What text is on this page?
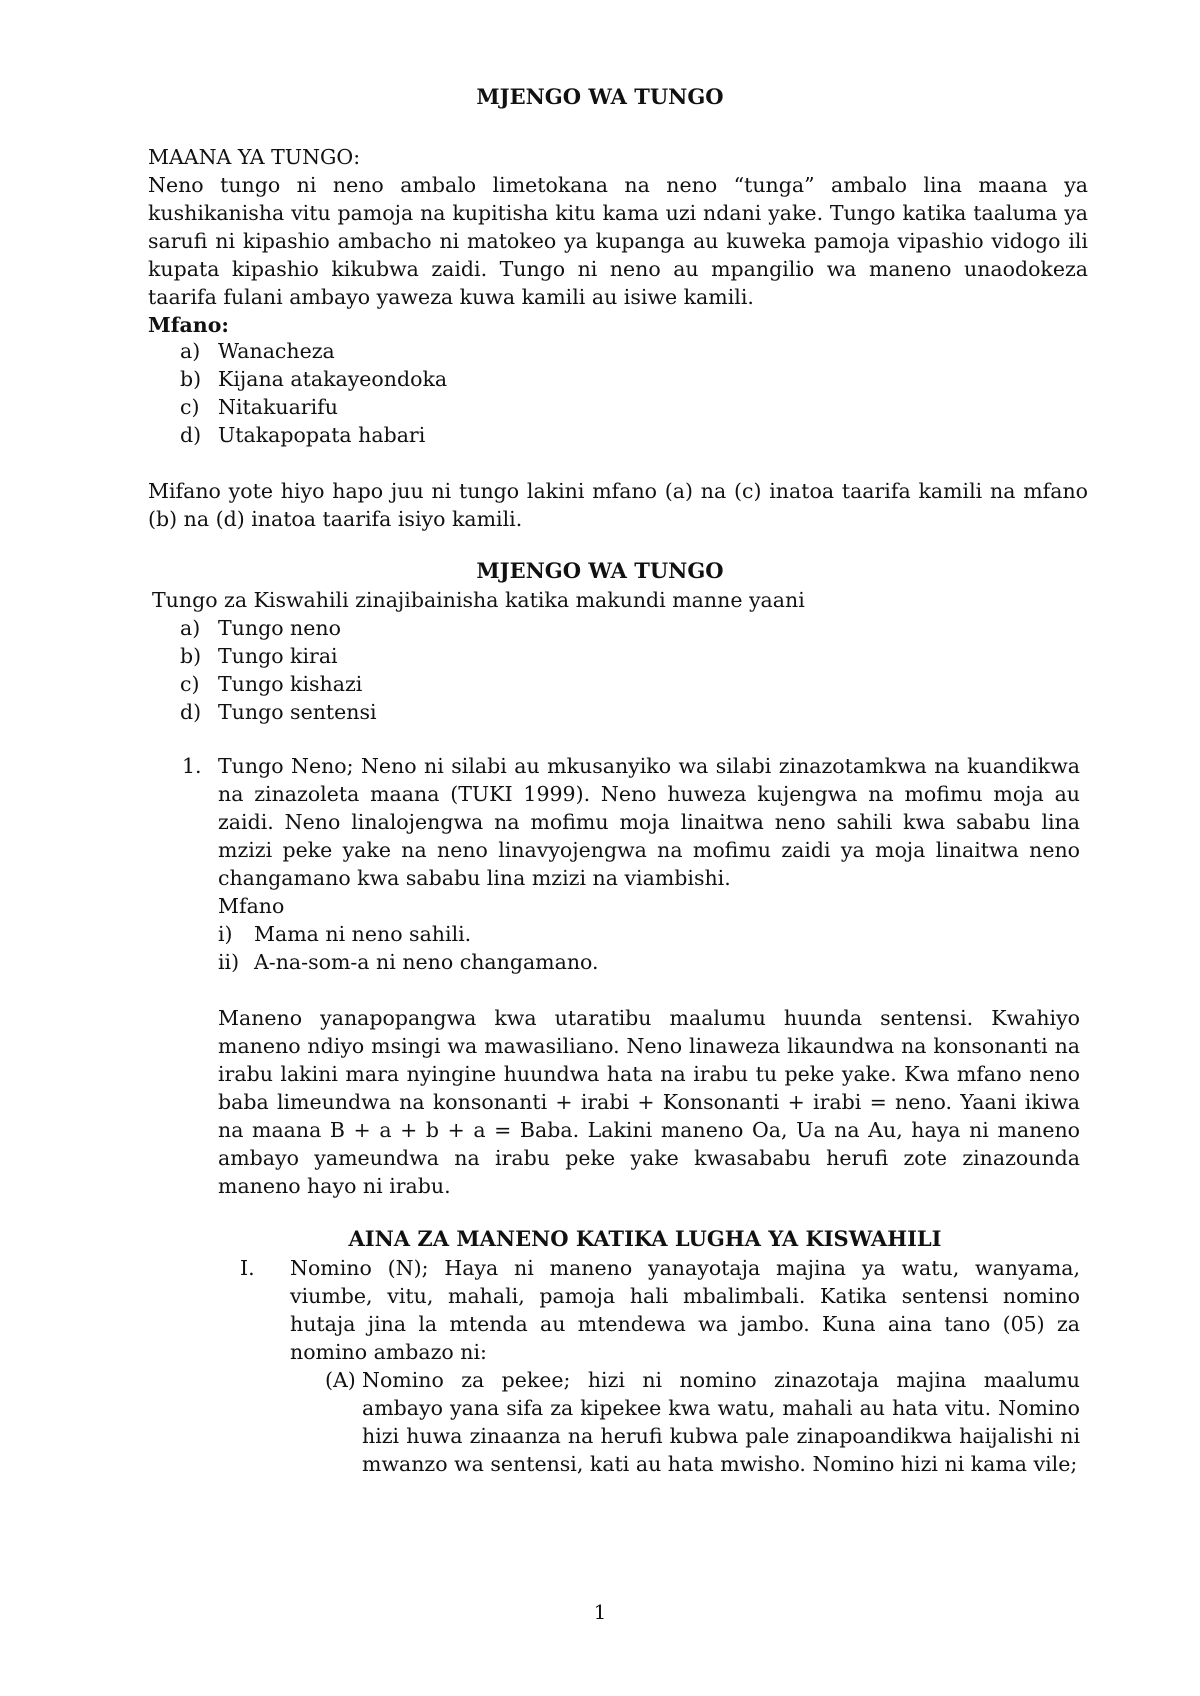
MJENGO WA TUNGO

MAANA YA TUNGO:

Neno tungo ni neno ambalo limetokana na neno “tunga” ambalo lina maana ya kushikanisha vitu pamoja na kupitisha kitu kama uzi ndani yake. Tungo katika taaluma ya sarufi ni kipashio ambacho ni matokeo ya kupanga au kuweka pamoja vipashio vidogo ili kupata kipashio kikubwa zaidi. Tungo ni neno au mpangilio wa maneno unaodokeza taarifa fulani ambayo yaweza kuwa kamili au isiwe kamili.

Mfano:

a) Wanacheza
b) Kijana atakayeondoka
c) Nitakuarifu
d) Utakapopata habari

Mifano yote hiyo hapo juu ni tungo lakini mfano (a) na (c) inatoa taarifa kamili na mfano (b) na (d) inatoa taarifa isiyo kamili.

MJENGO WA TUNGO

Tungo za Kiswahili zinajibainisha katika makundi manne yaani

a) Tungo neno
b) Tungo kirai
c) Tungo kishazi
d) Tungo sentensi
1. Tungo Neno; Neno ni silabi au mkusanyiko wa silabi zinazotamkwa na kuandikwa na zinazoleta maana (TUKI 1999). Neno huweza kujengwa na mofimu moja au zaidi. Neno linalojengwa na mofimu moja linaitwa neno sahili kwa sababu lina mzizi peke yake na neno linavyojengwa na mofimu zaidi ya moja linaitwa neno changamano kwa sababu lina mzizi na viambishi.

Mfano

i) Mama ni neno sahili.
ii) A-na-som-a ni neno changamano.

Maneno yanapopangwa kwa utaratibu maalumu huunda sentensi. Kwahiyo maneno ndiyo msingi wa mawasiliano. Neno linaweza likaundwa na konsonanti na irabu lakini mara nyingine huundwa hata na irabu tu peke yake. Kwa mfano neno baba limeundwa na konsonanti + irabi + Konsonanti + irabi = neno. Yaani ikiwa na maana B + a + b + a = Baba. Lakini maneno Oa, Ua na Au, haya ni maneno ambayo yameundwa na irabu peke yake kwasababu herufi zote zinazounda maneno hayo ni irabu.

AINA ZA MANENO KATIKA LUGHA YA KISWAHILI
I. Nomino (N); Haya ni maneno yanayotaja majina ya watu, wanyama, viumbe, vitu, mahali, pamoja hali mbalimbali. Katika sentensi nomino hutaja jina la mtenda au mtendewa wa jambo. Kuna aina tano (05) za nomino ambazo ni:

(A) Nomino za pekee; hizi ni nomino zinazotaja majina maalumu ambayo yana sifa za kipekee kwa watu, mahali au hata vitu. Nomino hizi huwa zinaanza na herufi kubwa pale zinapoandikwa haijalishi ni mwanzo wa sentensi, kati au hata mwisho. Nomino hizi ni kama vile;

1
